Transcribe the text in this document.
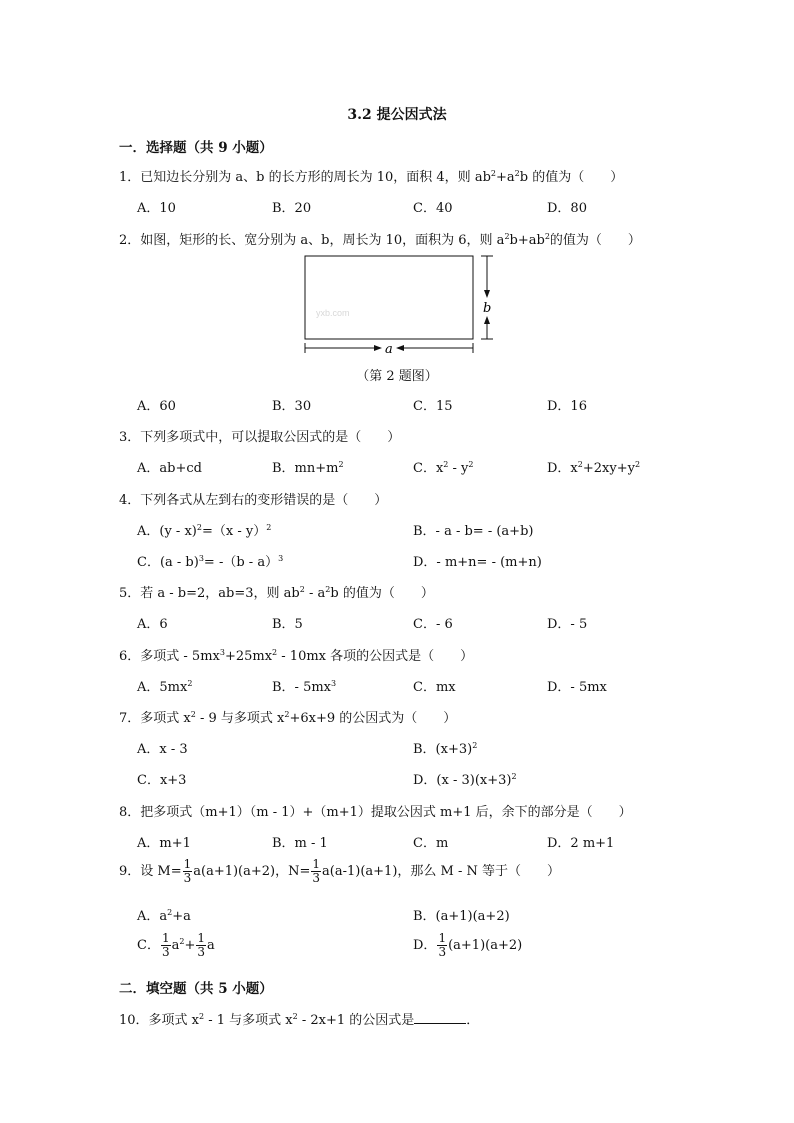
3.2 提公因式法
一．选择题（共 9 小题）
1．已知边长分别为 a、b 的长方形的周长为 10，面积 4，则 $ab^2+a^2b$ 的值为（　　）
A．10	B．20	C．40	D．80
2．如图，矩形的长、宽分别为 a、b，周长为 10，面积为 6，则 $a^2b+ab^2$的值为（　　）
yxb.com	b
a
（第 2 题图）
A．60	B．30	C．15	D．16
3．下列多项式中，可以提取公因式的是（　　）
A．ab+cd	B．$mn+m^2$	C．$x^2 - y^2$	D．$x^2+2xy+y^2$
4．下列各式从左到右的变形错误的是（　　）
A．(y - x)$^2$=（x - y）$^2$	B．- a - b= - (a+b)
C．(a - b)$^3$= -（b - a）$^3$	D．- m+n= - (m+n)
5．若 a - b=2，ab=3，则 $ab^2 - a^2b$ 的值为（　　）
A．6	B．5	C．- 6	D．- 5
6．多项式 - $5mx^3+25mx^2 - 10mx$ 各项的公因式是（　　）
A．$5mx^2$	B．- $5mx^3$	C．mx	D．- 5mx
7．多项式 $x^2 - 9$ 与多项式 $x^2+6x+9$ 的公因式为（　　）
A．x - 3	B．$(x+3)^2$
C．x+3	D．$(x - 3)(x+3)^2$
8．把多项式（m+1）（m - 1）+（m+1）提取公因式 m+1 后，余下的部分是（　　）
A．m+1	B．m - 1	C．m	D．2 m+1
9．设 $M= \frac{1}{3} a(a+1)(a+2)$，$N= \frac{1}{3} a(a-1)(a+1)$，那么 M - N 等于（　　）
A．$a^2+a$	B．(a+1)(a+2)
C． $\frac{1}{3} a^2+ \frac{1}{3}$ a	D． $\frac{1}{3} (a+1)(a+2)$
二．填空题（共 5 小题）
10．多项式 $x^2 - 1$ 与多项式 $x^2 - 2x+1$ 的公因式是	．
